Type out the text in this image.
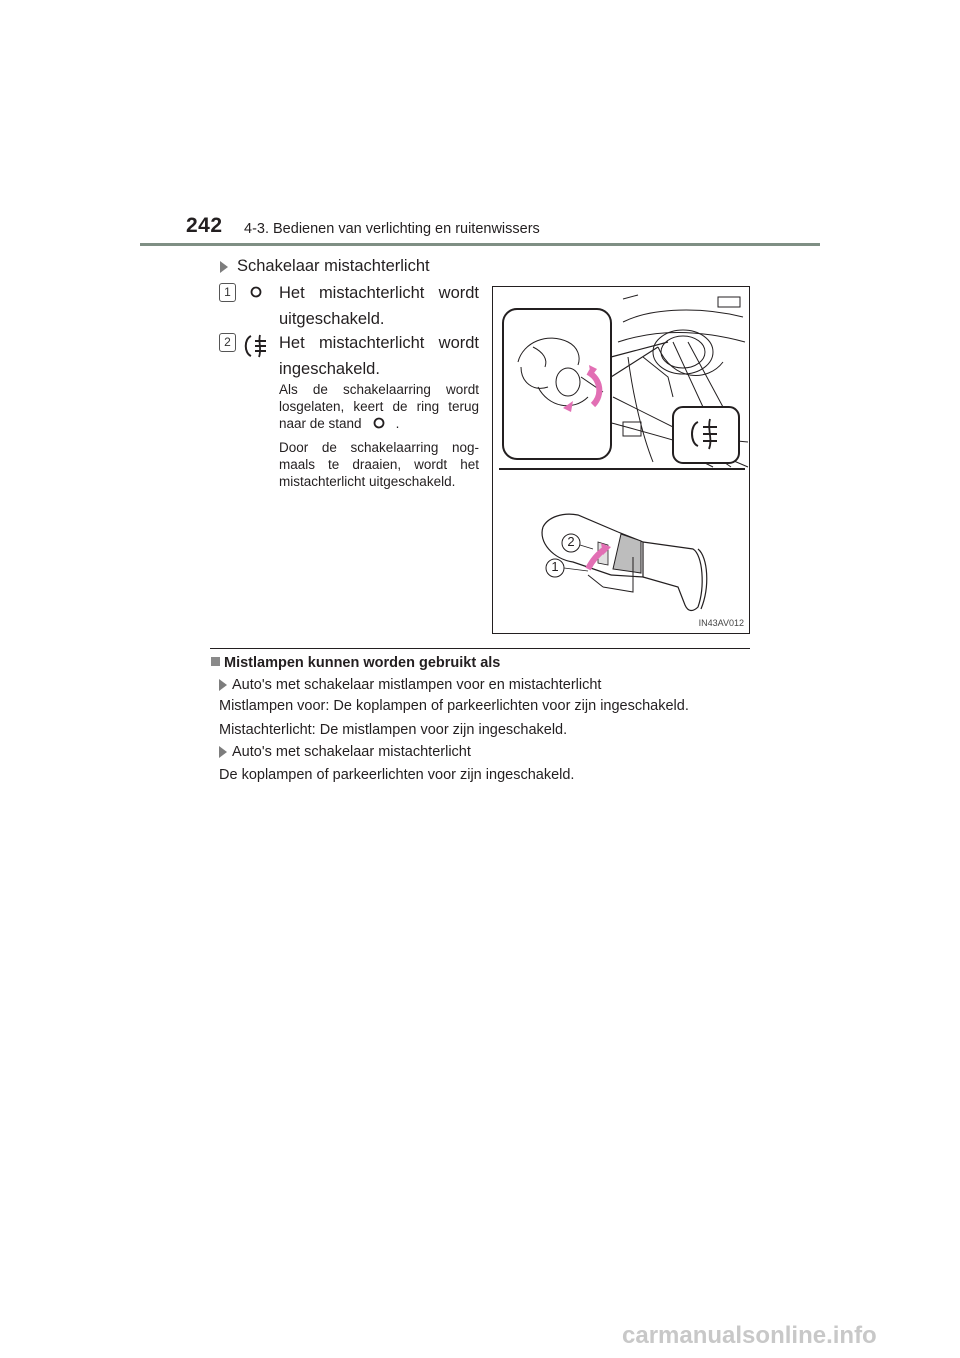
242 4-3. Bedienen van verlichting en ruitenwissers
Schakelaar mistachterlicht
1	Het mistachterlicht wordt uitgeschakeld.
2	Het mistachterlicht wordt ingeschakeld.
Als de schakelaarring wordt losgelaten, keert de ring terug naar de stand	.
Door de schakelaarring nog-maals te draaien, wordt het mistachterlicht uitgeschakeld.
2
1
IN43AV012
Mistlampen kunnen worden gebruikt als
Auto's met schakelaar mistlampen voor en mistachterlicht
Mistlampen voor: De koplampen of parkeerlichten voor zijn ingeschakeld.
Mistachterlicht: De mistlampen voor zijn ingeschakeld.
Auto's met schakelaar mistachterlicht
De koplampen of parkeerlichten voor zijn ingeschakeld.
carmanualsonline.info
